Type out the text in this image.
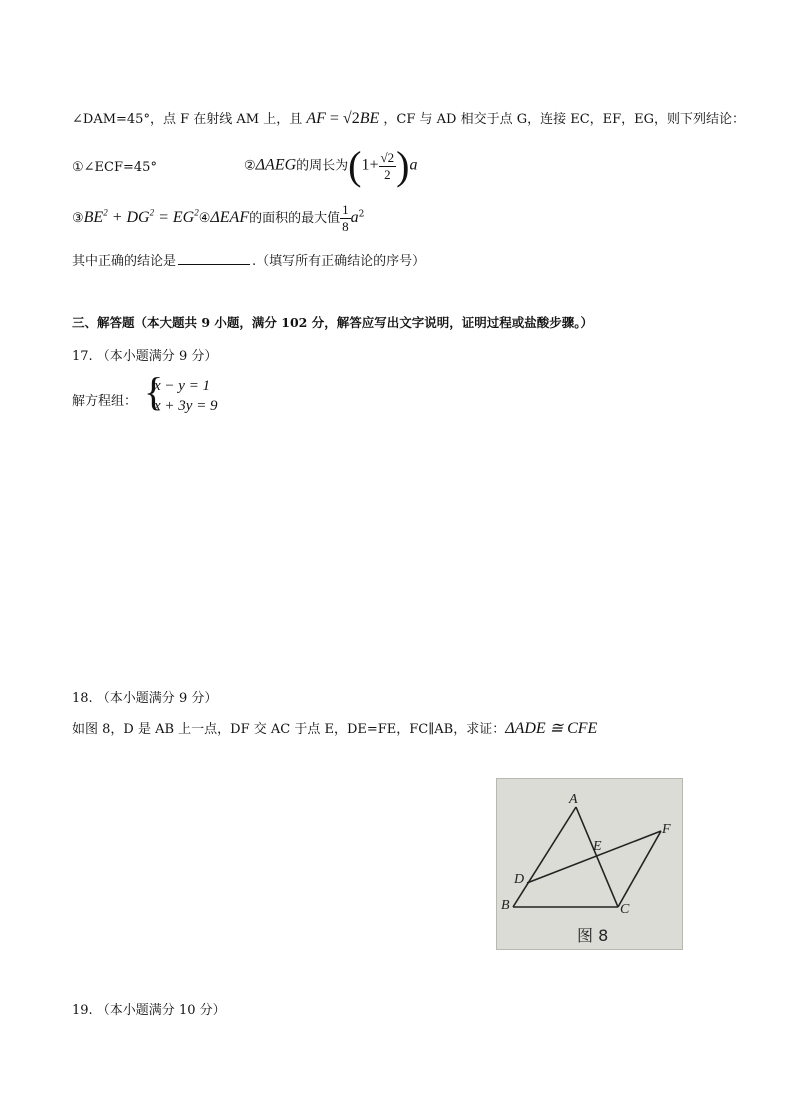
∠DAM=45°，点 F 在射线 AM 上，且 AF = √2BE ，CF 与 AD 相交于点 G，连接 EC，EF，EG，则下列结论：
①∠ECF=45°	②ΔAEG的周长为$(1+ \frac{√2}{2} )a$
$③BE^2 + DG^2$ = $EG^2④\Delta EAF$的面积的最大值 $\frac{1}{8} a^2$
其中正确的结论是	.（填写所有正确结论的序号）
三、解答题（本大题共 9 小题，满分 102 分，解答应写出文字说明，证明过程或盐酸步骤。）
17. （本小题满分 9 分）
解方程组： {
x − y = 1
x + 3y = 9
18. （本小题满分 9 分）
如图 8，D 是 AB 上一点，DF 交 AC 于点 E，DE=FE，FC∥AB，求证：ΔADE ≅ CFE
A
B	C
D
E
F
图 8
19. （本小题满分 10 分）
